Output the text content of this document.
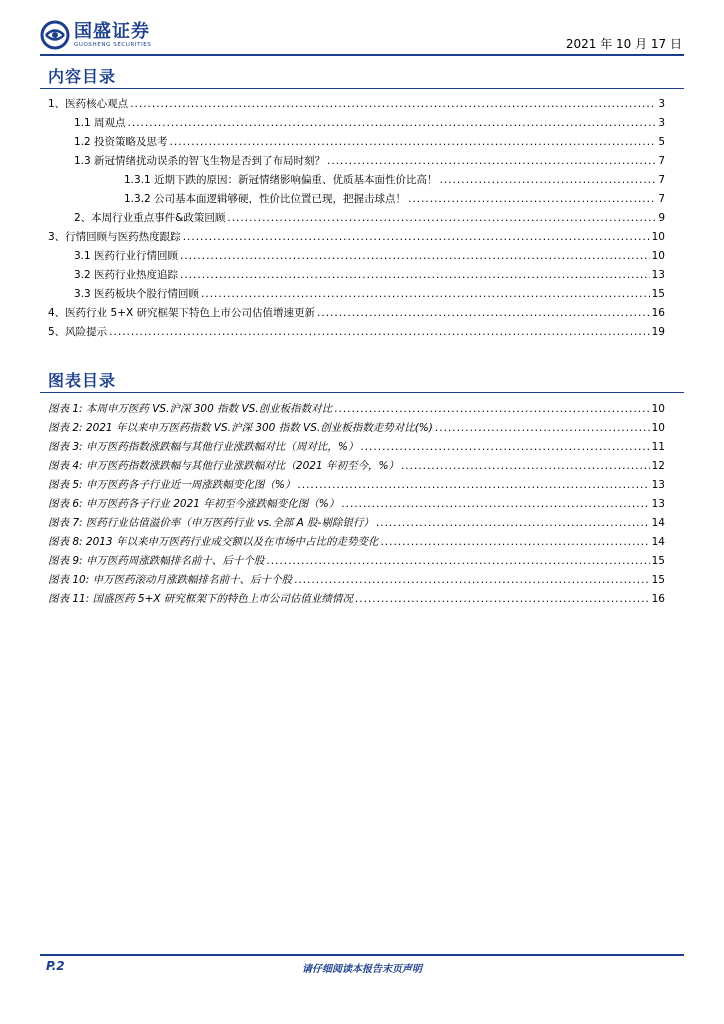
国盛证券
GUOSHENG SECURITIES	2021 年 10 月 17 日
内容目录
1、医药核心观点 .....	3
1.1 周观点 .....	3
1.2 投资策略及思考 .....	5
1.3 新冠情绪扰动误杀的智飞生物是否到了布局时刻？ .....	7
1.3.1 近期下跌的原因：新冠情绪影响偏重、优质基本面性价比高！ .....	7
1.3.2 公司基本面逻辑够硬，性价比位置已现，把握击球点！ .....	7
2、本周行业重点事件&政策回顾 .....	9
3、行情回顾与医药热度跟踪 .....	10
3.1 医药行业行情回顾 .....	10
3.2 医药行业热度追踪 .....	13
3.3 医药板块个股行情回顾 .....	15
4、医药行业 5+X 研究框架下特色上市公司估值增速更新 .....	16
5、风险提示 .....	19
图表目录
图表 1: 本周申万医药 VS.沪深 300 指数 VS.创业板指数对比 .....	10
图表 2: 2021 年以来申万医药指数 VS.沪深 300 指数 VS.创业板指数走势对比(%) .....	10
图表 3: 申万医药指数涨跌幅与其他行业涨跌幅对比（周对比，%） .....	11
图表 4: 申万医药指数涨跌幅与其他行业涨跌幅对比（2021 年初至今，%） .....	12
图表 5: 申万医药各子行业近一周涨跌幅变化图（%） .....	13
图表 6: 申万医药各子行业 2021 年初至今涨跌幅变化图（%） .....	13
图表 7: 医药行业估值溢价率（申万医药行业 vs.全部 A 股-剔除银行） .....	14
图表 8: 2013 年以来申万医药行业成交额以及在市场中占比的走势变化 .....	14
图表 9: 申万医药周涨跌幅排名前十、后十个股 .....	15
图表 10: 申万医药滚动月涨跌幅排名前十、后十个股 .....	15
图表 11: 国盛医药 5+X 研究框架下的特色上市公司估值业绩情况 .....	16
P.2	请仔细阅读本报告末页声明
